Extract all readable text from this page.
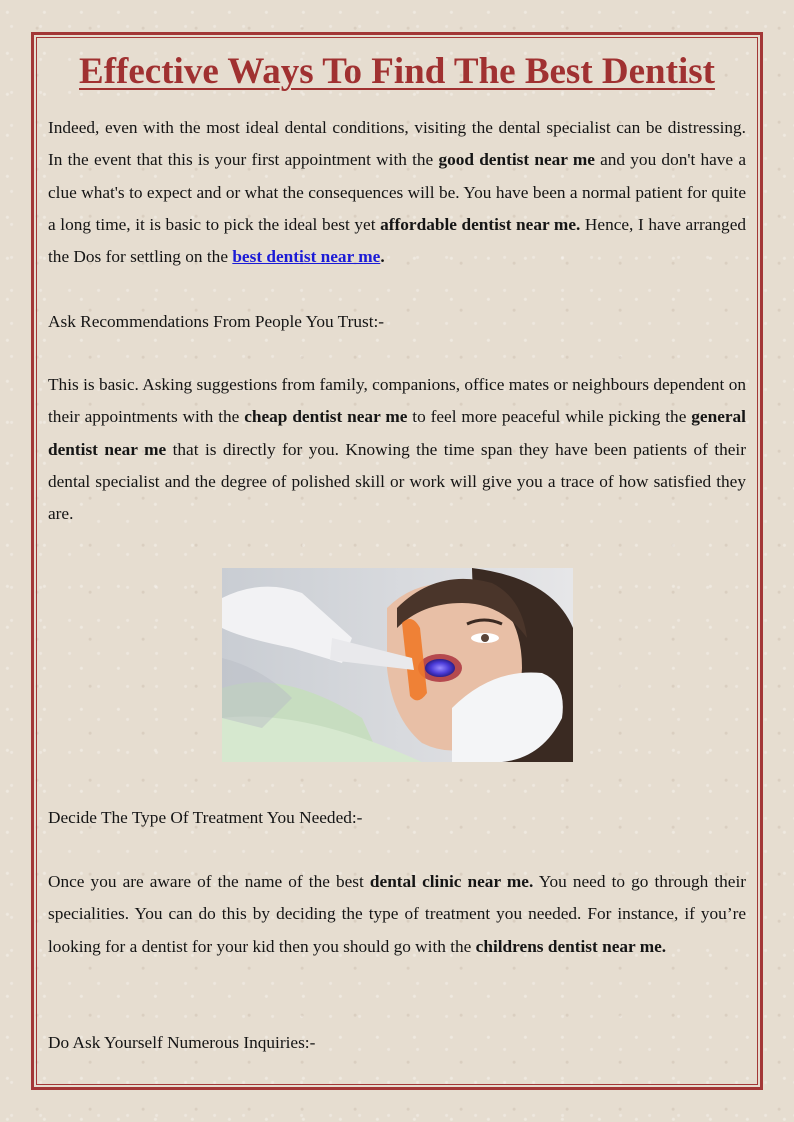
Effective Ways To Find The Best Dentist

Indeed, even with the most ideal dental conditions, visiting the dental specialist can be distressing. In the event that this is your first appointment with the good dentist near me and you don't have a clue what's to expect and or what the consequences will be. You have been a normal patient for quite a long time, it is basic to pick the ideal best yet affordable dentist near me. Hence, I have arranged the Dos for settling on the best dentist near me.

Ask Recommendations From People You Trust:-

This is basic. Asking suggestions from family, companions, office mates or neighbours dependent on their appointments with the cheap dentist near me to feel more peaceful while picking the general dentist near me that is directly for you. Knowing the time span they have been patients of their dental specialist and the degree of polished skill or work will give you a trace of how satisfied they are.

Decide The Type Of Treatment You Needed:-

Once you are aware of the name of the best dental clinic near me. You need to go through their specialities. You can do this by deciding the type of treatment you needed. For instance, if you’re looking for a dentist for your kid then you should go with the childrens dentist near me.

Do Ask Yourself Numerous Inquiries:-
